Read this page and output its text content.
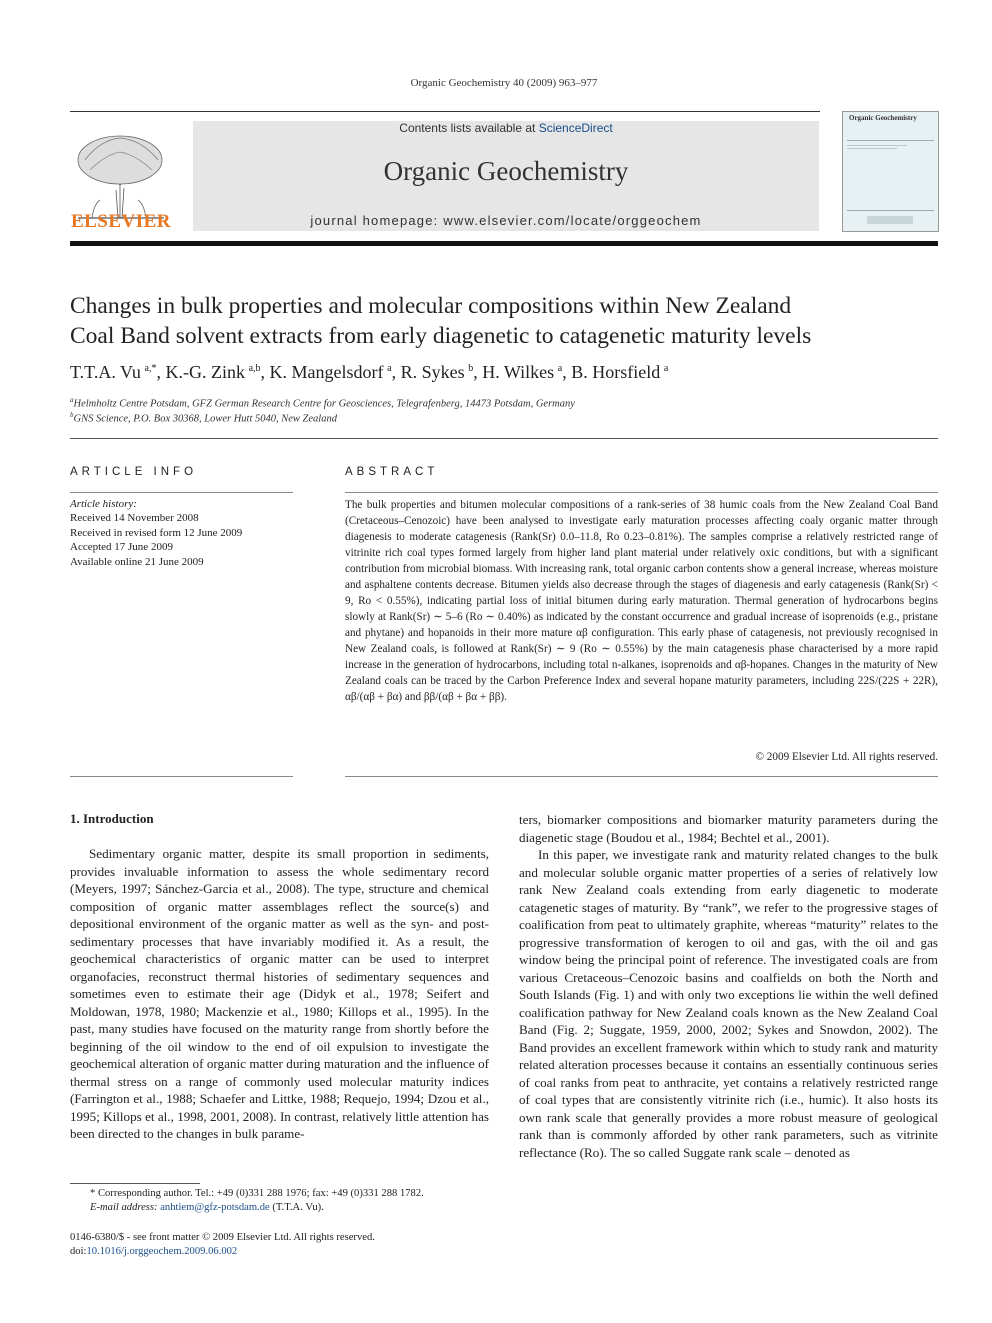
Organic Geochemistry 40 (2009) 963–977
ELSEVIER
Contents lists available at ScienceDirect
Organic Geochemistry
journal homepage: www.elsevier.com/locate/orggeochem
Organic Geochemistry
Changes in bulk properties and molecular compositions within New Zealand
Coal Band solvent extracts from early diagenetic to catagenetic maturity levels
T.T.A. Vu  $^{a,*}$, K.-G. Zink  $^{a,b}$, K. Mangelsdorf  $^a$, R. Sykes  $^b$, H. Wilkes  $^a$, B. Horsfield  $^a$
$^a$Helmholtz Centre Potsdam, GFZ German Research Centre for Geosciences, Telegrafenberg, 14473 Potsdam, Germany
$^b$GNS Science, P.O. Box 30368, Lower Hutt 5040, New Zealand
ARTICLE INFO	ABSTRACT
Article history:
Received 14 November 2008
Received in revised form 12 June 2009
Accepted 17 June 2009
Available online 21 June 2009
The bulk properties and bitumen molecular compositions of a rank-series of 38 humic coals from the New Zealand Coal Band (Cretaceous–Cenozoic) have been analysed to investigate early maturation processes affecting coaly organic matter through diagenesis to moderate catagenesis (Rank(Sr) 0.0–11.8, Ro 0.23–0.81%). The samples comprise a relatively restricted range of vitrinite rich coal types formed largely from higher land plant material under relatively oxic conditions, but with a significant contribution from microbial biomass. With increasing rank, total organic carbon contents show a general increase, whereas moisture and asphaltene contents decrease. Bitumen yields also decrease through the stages of diagenesis and early catagenesis (Rank(Sr) < 9, Ro < 0.55%), indicating partial loss of initial bitumen during early maturation. Thermal generation of hydrocarbons begins slowly at Rank(Sr) ∼ 5–6 (Ro ∼ 0.40%) as indicated by the constant occurrence and gradual increase of isoprenoids (e.g., pristane and phytane) and hopanoids in their more mature αβ configuration. This early phase of catagenesis, not previously recognised in New Zealand coals, is followed at Rank(Sr) ∼ 9 (Ro ∼ 0.55%) by the main catagenesis phase characterised by a more rapid increase in the generation of hydrocarbons, including total n-alkanes, isoprenoids and αβ-hopanes. Changes in the maturity of New Zealand coals can be traced by the Carbon Preference Index and several hopane maturity parameters, including 22S/(22S + 22R), αβ/(αβ + βα) and ββ/(αβ + βα + ββ).
© 2009 Elsevier Ltd. All rights reserved.
1. Introduction

Sedimentary organic matter, despite its small proportion in sediments, provides invaluable information to assess the whole sedimentary record (Meyers, 1997; Sánchez-Garcia et al., 2008). The type, structure and chemical composition of organic matter assemblages reflect the source(s) and depositional environment of the organic matter as well as the syn- and post-sedimentary processes that have invariably modified it. As a result, the geochemical characteristics of organic matter can be used to interpret organofacies, reconstruct thermal histories of sedimentary sequences and sometimes even to estimate their age (Didyk et al., 1978; Seifert and Moldowan, 1978, 1980; Mackenzie et al., 1980; Killops et al., 1995). In the past, many studies have focused on the maturity range from shortly before the beginning of the oil window to the end of oil expulsion to investigate the geochemical alteration of organic matter during maturation and the influence of thermal stress on a range of commonly used molecular maturity indices (Farrington et al., 1988; Schaefer and Littke, 1988; Requejo, 1994; Dzou et al., 1995; Killops et al., 1998, 2001, 2008). In contrast, relatively little attention has been directed to the changes in bulk parame-

ters, biomarker compositions and biomarker maturity parameters during the diagenetic stage (Boudou et al., 1984; Bechtel et al., 2001).

In this paper, we investigate rank and maturity related changes to the bulk and molecular soluble organic matter properties of a series of relatively low rank New Zealand coals extending from early diagenetic to moderate catagenetic stages of maturity. By “rank”, we refer to the progressive stages of coalification from peat to ultimately graphite, whereas “maturity” relates to the progressive transformation of kerogen to oil and gas, with the oil and gas window being the principal point of reference. The investigated coals are from various Cretaceous–Cenozoic basins and coalfields on both the North and South Islands (Fig. 1) and with only two exceptions lie within the well defined coalification pathway for New Zealand coals known as the New Zealand Coal Band (Fig. 2; Suggate, 1959, 2000, 2002; Sykes and Snowdon, 2002). The Band provides an excellent framework within which to study rank and maturity related alteration processes because it contains an essentially continuous series of coal ranks from peat to anthracite, yet contains a relatively restricted range of coal types that are consistently vitrinite rich (i.e., humic). It also hosts its own rank scale that generally provides a more robust measure of geological rank than is commonly afforded by other rank parameters, such as vitrinite reflectance (Ro). The so called Suggate rank scale – denoted as

* Corresponding author. Tel.: +49 (0)331 288 1976; fax: +49 (0)331 288 1782.
E-mail address: anhtiem@gfz-potsdam.de (T.T.A. Vu).
0146-6380/$ - see front matter © 2009 Elsevier Ltd. All rights reserved.
doi:10.1016/j.orggeochem.2009.06.002
